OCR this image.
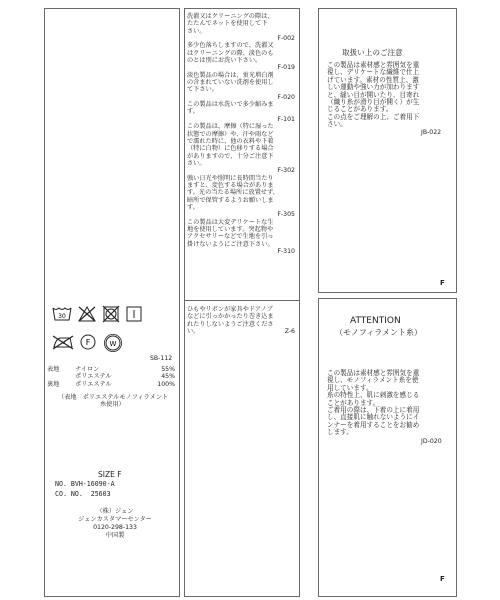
30
F	W

SB-112

表地	ナイロン	55%
ポリエステル	45%
裏地	ポリエステル	100%

（表地　ポリエステルモノフィラメント

糸使用）

SIZE F

NO. BVH-16090-A

CO. NO.  25603

（株）ジュン
ジュンカスタマーセンター
0120-298-133
中国製
洗濯又はクリーニングの際は、
たたんでネットを使用して下
さい。
F-002
多少色落ちしますので、洗濯又
はクリーニングの際、淡色のも
のとは別にお洗い下さい。
F-019
淡色製品の場合は、蛍光増白剤
の含まれていない洗剤を使用し
て下さい。
F-020
この製品は水洗いで多少縮みま
す。
F-101
この製品は、摩擦（特に湿った
状態での摩擦）や、汗や雨など
で濡れた時に、他の衣料や下着
（特に白物）に色移りする場合
がありますので、十分ご注意下
さい。
F-302
強い日光や照明に長時間当たり
ますと、変色する場合がありま
す。光の当たる場所に放置せず、
暗所で保管するようお願いしま
す。
F-305
この製品は大変デリケートな生
地を使用しています。突起物や
アクセサリーなどで生地を引っ
掛けないようにご注意下さい。
F-310
ひもやリボンが家具やドアノブ
などに引っかかったり巻き込ま
れたりしないようご注意くださ
い。	Z-6

取扱い上のご注意

この製品は素材感と雰囲気を重
視し、デリケートな繊維で仕上
げています。素材の性質上、激
しい運動や強い力が加わります
と、縫い目が開いたり、目寄れ
（織り糸が滑り目が開く）が生
じることがあります。
この点をご理解の上、ご着用下
さい。

JB-022

F

ATTENTION

（モノフィラメント糸）

この製品は素材感と雰囲気を重
視し、モノフィラメント糸を使
用しています。
糸の特性上、肌に刺激を感じる
ことがあります。
ご着用の際は、下着の上に着用
し、直接肌に触れないようにイ
ンナーを着用することをお勧め
します。

JD-020

F
